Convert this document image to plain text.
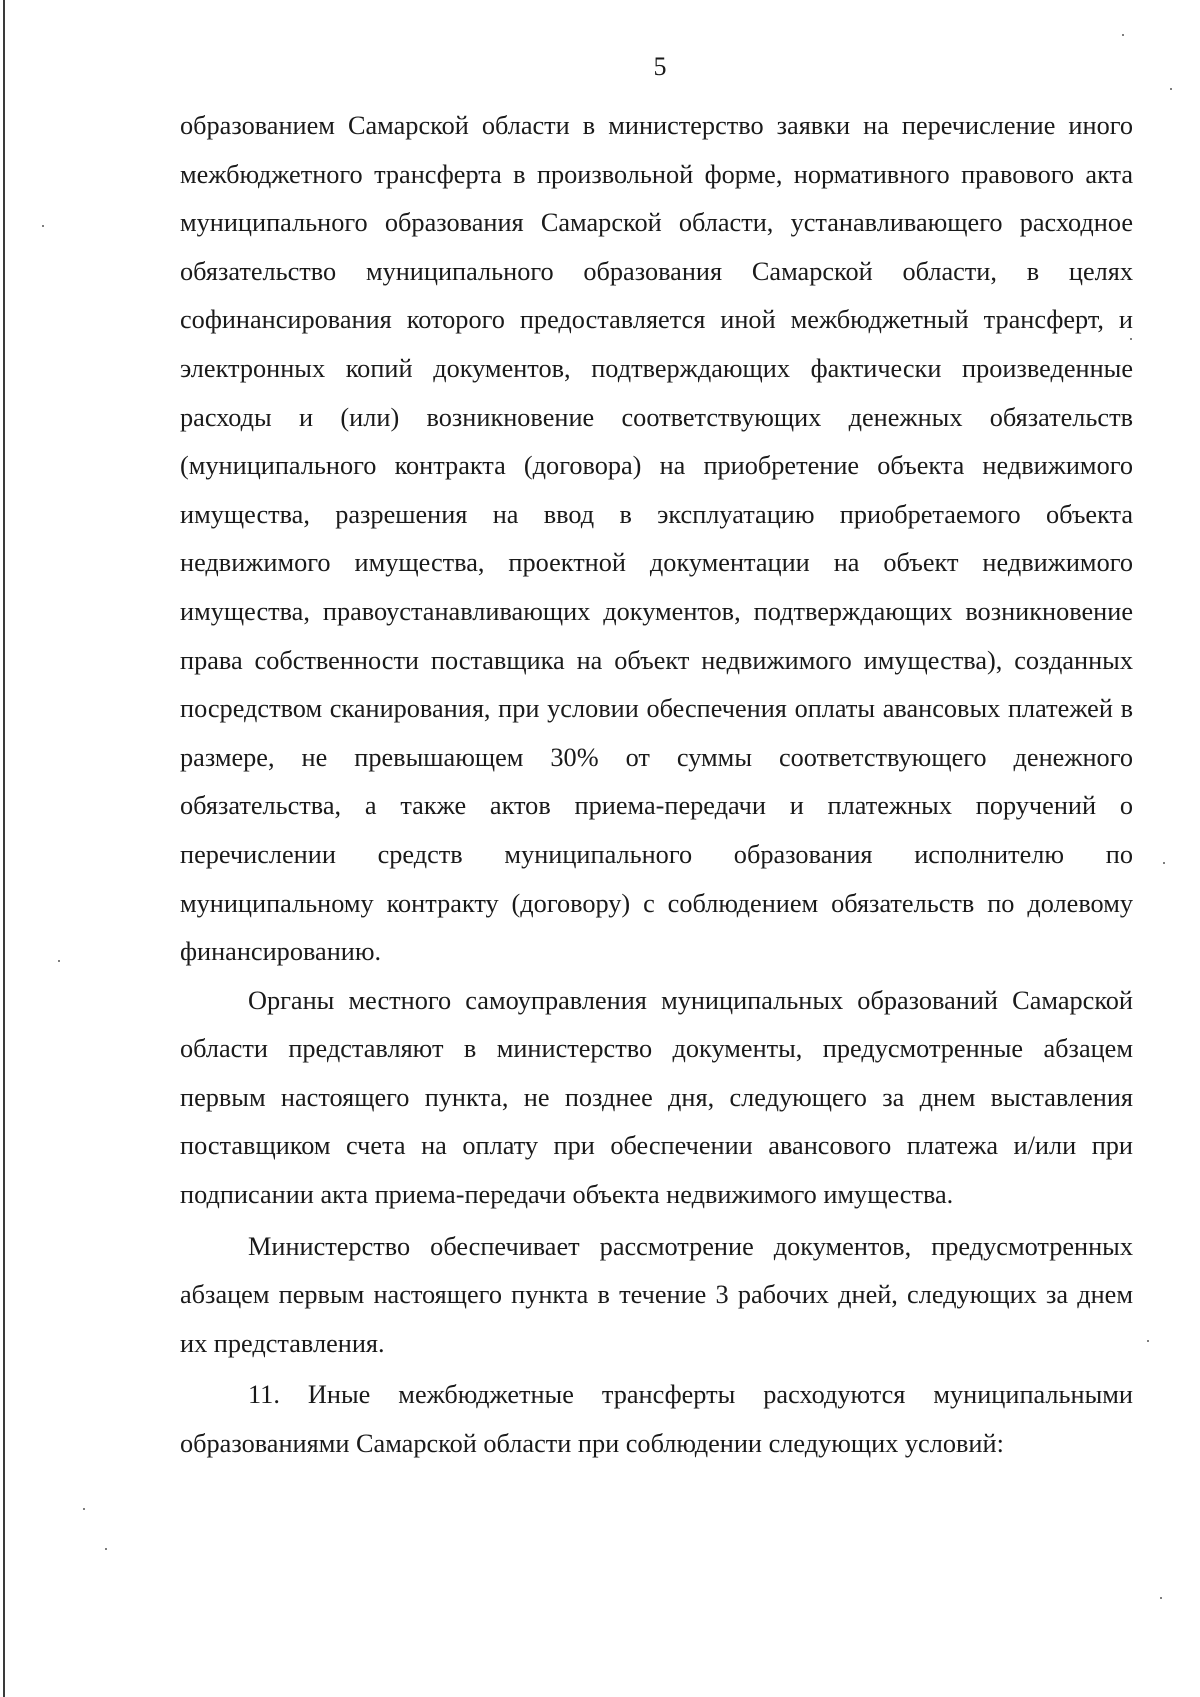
5

образованием Самарской области в министерство заявки на перечисление иного межбюджетного трансферта в произвольной форме, нормативного правового акта муниципального образования Самарской области, устанавливающего расходное обязательство муниципального образования Самарской области, в целях софинансирования которого предоставляется иной межбюджетный трансферт, и электронных копий документов, подтверждающих фактически произведенные расходы и (или) возникновение соответствующих денежных обязательств (муниципального контракта (договора) на приобретение объекта недвижимого имущества, разрешения на ввод в эксплуатацию приобретаемого объекта недвижимого имущества, проектной документации на объект недвижимого имущества, правоустанавливающих документов, подтверждающих возникновение права собственности поставщика на объект недвижимого имущества), созданных посредством сканирования, при условии обеспечения оплаты авансовых платежей в размере, не превышающем 30% от суммы соответствующего денежного обязательства, а также актов приема-передачи и платежных поручений о перечислении средств муниципального образования исполнителю по муниципальному контракту (договору) с соблюдением обязательств по долевому финансированию.

Органы местного самоуправления муниципальных образований Самарской области представляют в министерство документы, предусмотренные абзацем первым настоящего пункта, не позднее дня, следующего за днем выставления поставщиком счета на оплату при обеспечении авансового платежа и/или при подписании акта приема-передачи объекта недвижимого имущества.

Министерство обеспечивает рассмотрение документов, предусмотренных абзацем первым настоящего пункта в течение 3 рабочих дней, следующих за днем их представления.

11. Иные межбюджетные трансферты расходуются муниципальными образованиями Самарской области при соблюдении следующих условий:
